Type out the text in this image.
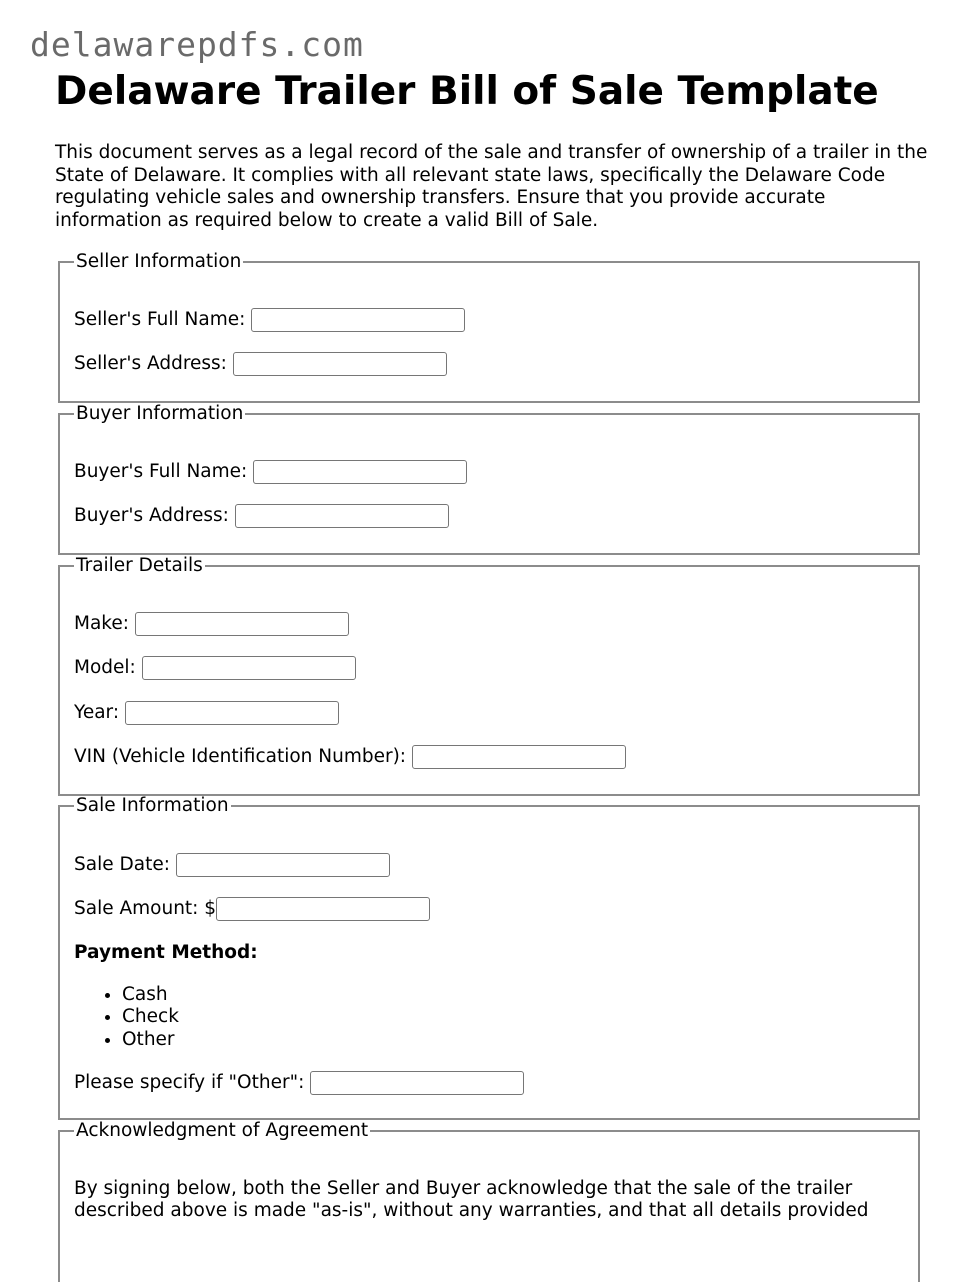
delawarepdfs.com
Delaware Trailer Bill of Sale Template

This document serves as a legal record of the sale and transfer of ownership of a trailer in the State of Delaware. It complies with all relevant state laws, specifically the Delaware Code regulating vehicle sales and ownership transfers. Ensure that you provide accurate information as required below to create a valid Bill of Sale.

Seller Information
Seller's Full Name:
Seller's Address:
Buyer Information
Buyer's Full Name:
Buyer's Address:
Trailer Details
Make:
Model:
Year:
VIN (Vehicle Identification Number):
Sale Information
Sale Date:
Sale Amount: $
Payment Method:
• Cash
• Check
• Other
Please specify if "Other":
Acknowledgment of Agreement

By signing below, both the Seller and Buyer acknowledge that the sale of the trailer described above is made "as-is", without any warranties, and that all details provided
